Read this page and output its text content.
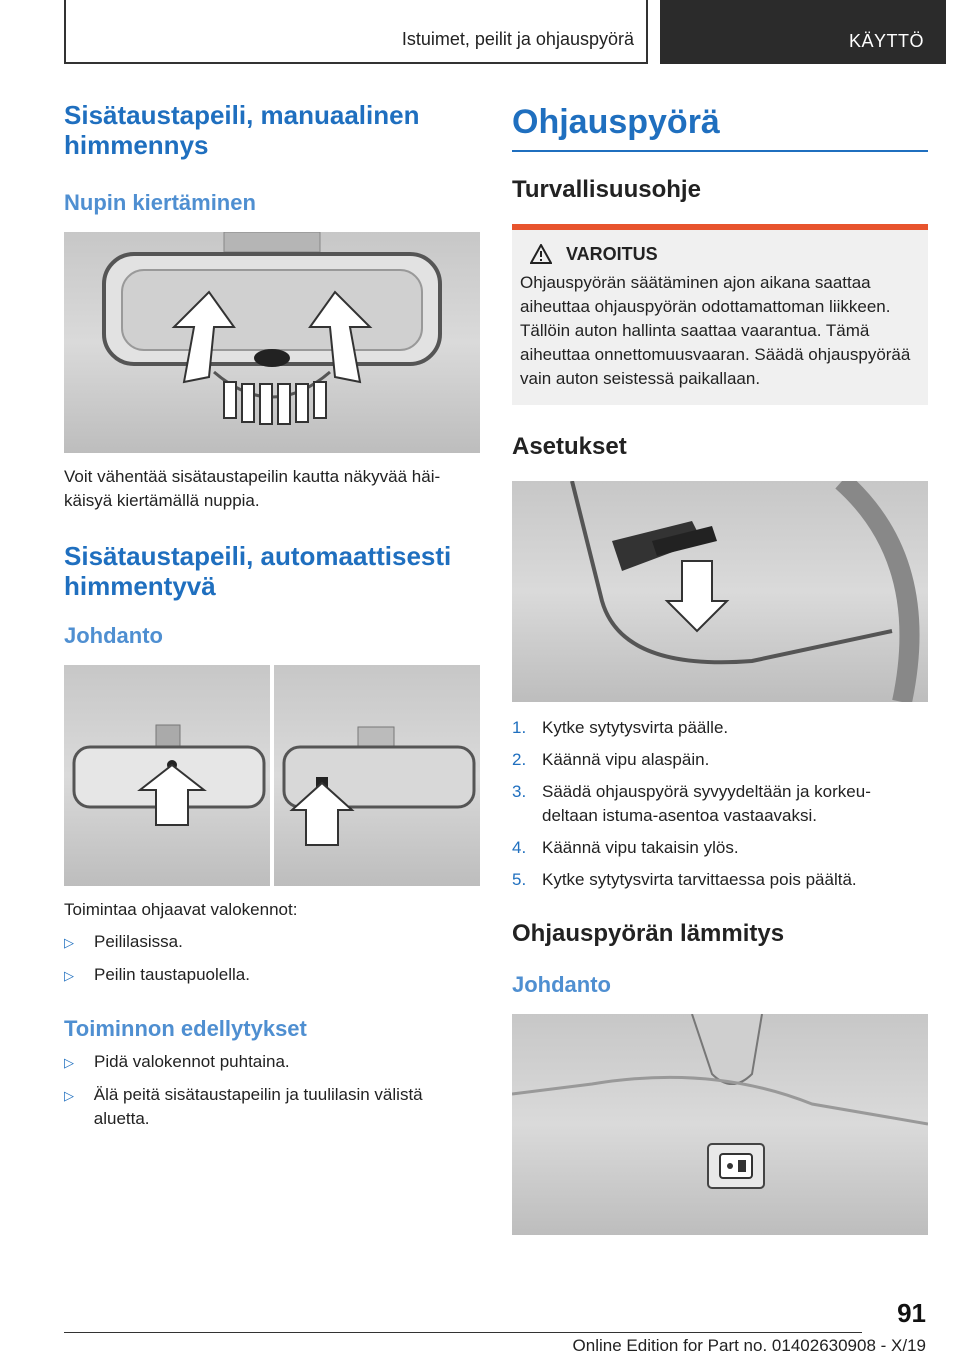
Istuimet, peilit ja ohjauspyörä	KÄYTTÖ
Sisätaustapeili, manuaalinen himmennys
Nupin kiertäminen

Voit vähentää sisätaustapeilin kautta näkyvää häikäisyä kiertämällä nuppia.

Sisätaustapeili, automaattisesti himmentyvä
Johdanto

Toimintaa ohjaavat valokennot:

▷	Peililasissa.
▷	Peilin taustapuolella.
Toiminnon edellytykset
▷	Pidä valokennot puhtaina.
▷	Älä peitä sisätaustapeilin ja tuulilasin välistä aluetta.
Ohjauspyörä
Turvallisuusohje
VAROITUS

Ohjauspyörän säätäminen ajon aikana saattaa aiheuttaa ohjauspyörän odottamattoman liikkeen. Tällöin auton hallinta saattaa vaarantua. Tämä aiheuttaa onnettomuusvaaran. Säädä ohjauspyörää vain auton seistessä paikallaan.

Asetukset
1. Kytke sytytysvirta päälle.
2. Käännä vipu alaspäin.
3. Säädä ohjauspyörä syvyydeltään ja korkeudeltaan istuma-asentoa vastaavaksi.
4. Käännä vipu takaisin ylös.
5. Kytke sytytysvirta tarvittaessa pois päältä.
Ohjauspyörän lämmitys
Johdanto
91
Online Edition for Part no. 01402630908 - X/19
